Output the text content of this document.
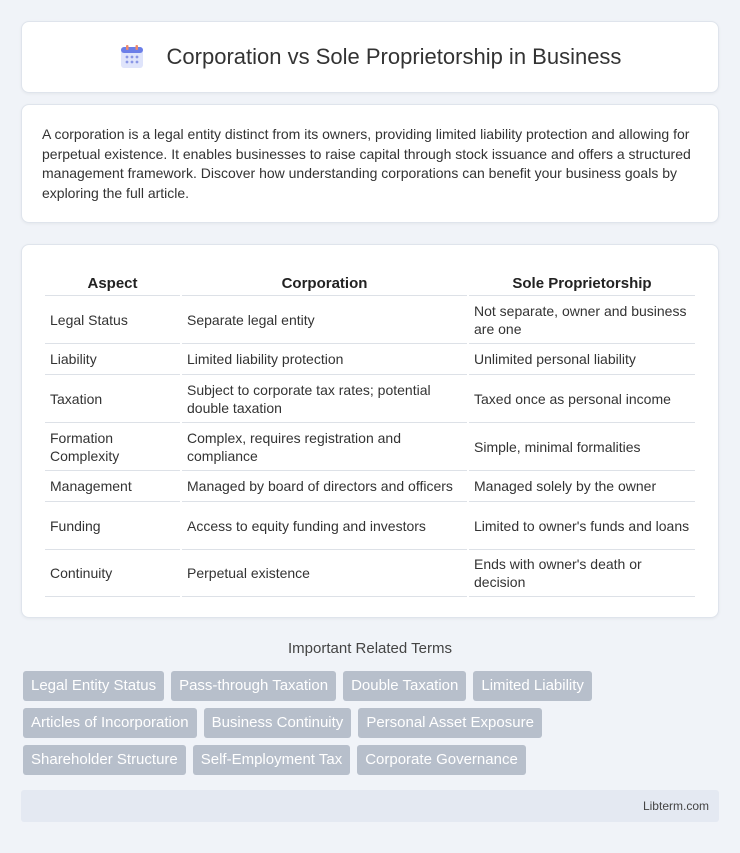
Corporation vs Sole Proprietorship in Business

A corporation is a legal entity distinct from its owners, providing limited liability protection and allowing for perpetual existence. It enables businesses to raise capital through stock issuance and offers a structured management framework. Discover how understanding corporations can benefit your business goals by exploring the full article.

Aspect	Corporation	Sole Proprietorship
Legal Status	Separate legal entity	Not separate, owner and business are one
Liability	Limited liability protection	Unlimited personal liability
Taxation	Subject to corporate tax rates; potential double taxation	Taxed once as personal income
Formation Complexity	Complex, requires registration and compliance	Simple, minimal formalities
Management	Managed by board of directors and officers	Managed solely by the owner
Funding	Access to equity funding and investors	Limited to owner's funds and loans
Continuity	Perpetual existence	Ends with owner's death or decision
Important Related Terms
Legal Entity Status	Pass-through Taxation	Double Taxation	Limited Liability
Articles of Incorporation	Business Continuity	Personal Asset Exposure
Shareholder Structure	Self-Employment Tax	Corporate Governance
Libterm.com
